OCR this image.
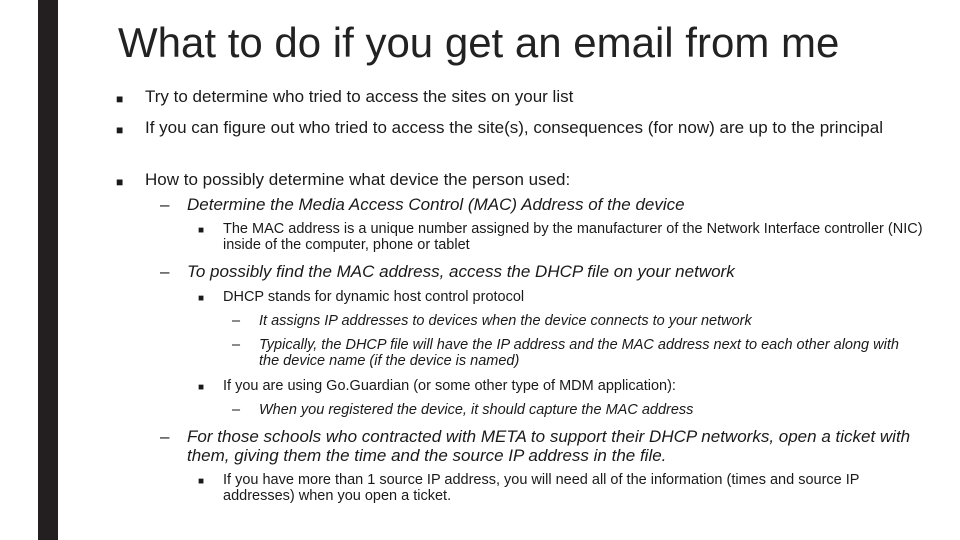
■ Try to determine who tried to access the sites on your list
■ If you can figure out who tried to access the site(s), consequences (for now) are up to the principal
■ How to possibly determine what device the person used:
– Determine the Media Access Control (MAC) Address of the device
■ The MAC address is a unique number assigned by the manufacturer of the Network Interface controller (NIC) inside of the computer, phone or tablet
– To possibly find the MAC address, access the DHCP file on your network
■ DHCP stands for dynamic host control protocol
– It assigns IP addresses to devices when the device connects to your network
– Typically, the DHCP file will have the IP address and the MAC address next to each other along with the device name (if the device is named)
■ If you are using Go.Guardian (or some other type of MDM application):
– When you registered the device, it should capture the MAC address
– For those schools who contracted with META to support their DHCP networks, open a ticket with them, giving them the time and the source IP address in the file.
■ If you have more than 1 source IP address, you will need all of the information (times and source IP addresses) when you open a ticket.
What to do if you get an email from me
